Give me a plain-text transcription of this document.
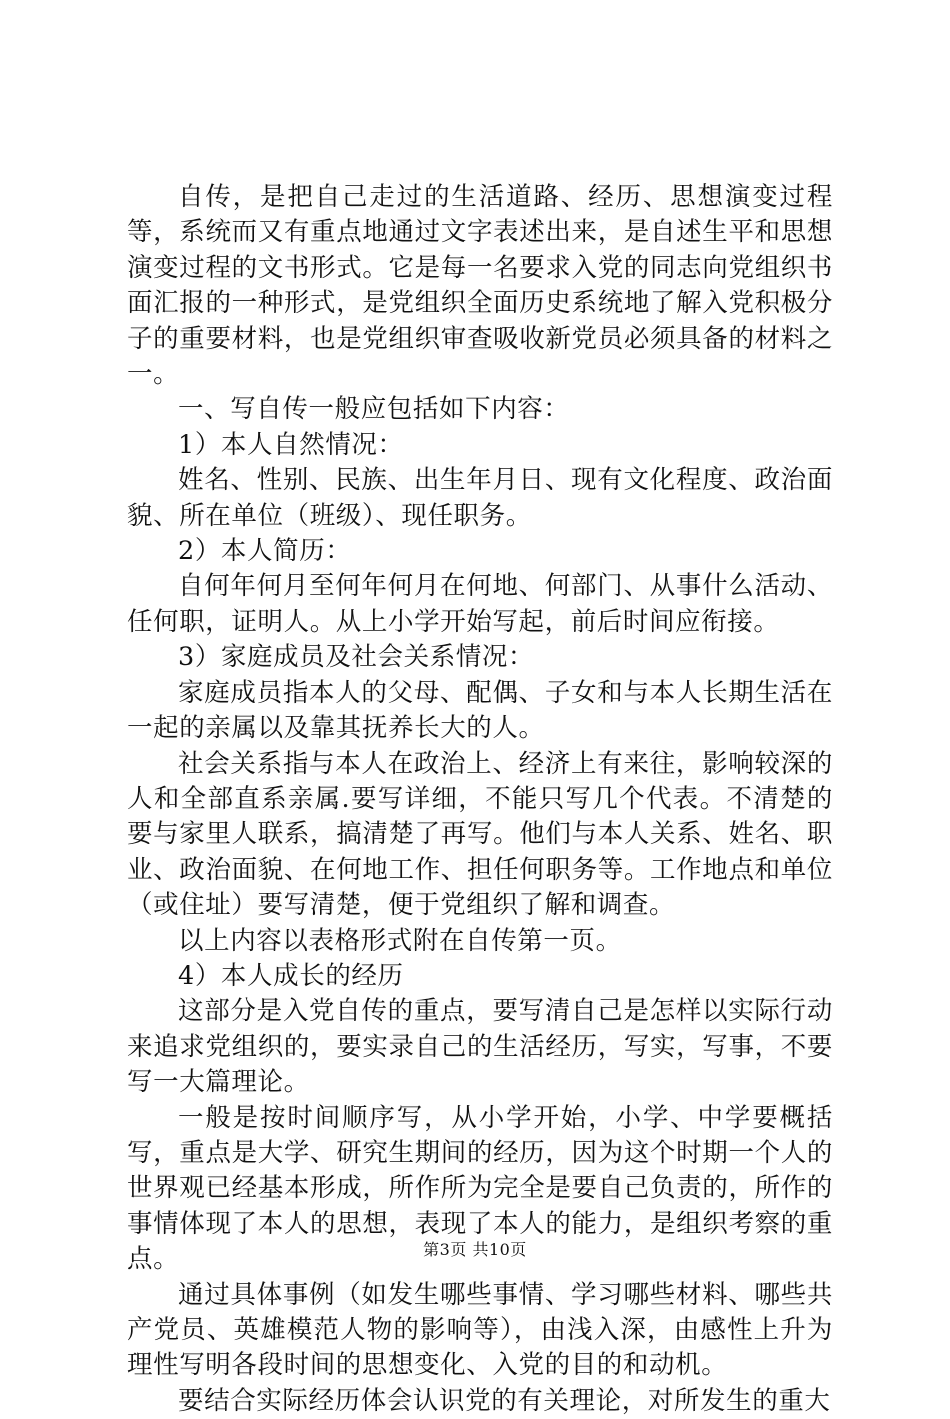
自传，是把自己走过的生活道路、经历、思想演变过程等，系统而又有重点地通过文字表述出来，是自述生平和思想演变过程的文书形式。它是每一名要求入党的同志向党组织书面汇报的一种形式，是党组织全面历史系统地了解入党积极分子的重要材料，也是党组织审查吸收新党员必须具备的材料之一。

一、写自传一般应包括如下内容：

1）本人自然情况：

姓名、性别、民族、出生年月日、现有文化程度、政治面貌、所在单位（班级）、现任职务。

2）本人简历：

自何年何月至何年何月在何地、何部门、从事什么活动、任何职，证明人。从上小学开始写起，前后时间应衔接。

3）家庭成员及社会关系情况：

家庭成员指本人的父母、配偶、子女和与本人长期生活在一起的亲属以及靠其抚养长大的人。

社会关系指与本人在政治上、经济上有来往，影响较深的人和全部直系亲属.要写详细，不能只写几个代表。不清楚的要与家里人联系，搞清楚了再写。他们与本人关系、姓名、职业、政治面貌、在何地工作、担任何职务等。工作地点和单位（或住址）要写清楚，便于党组织了解和调查。

以上内容以表格形式附在自传第一页。

4）本人成长的经历

这部分是入党自传的重点，要写清自己是怎样以实际行动来追求党组织的，要实录自己的生活经历，写实，写事，不要写一大篇理论。

一般是按时间顺序写，从小学开始，小学、中学要概括写，重点是大学、研究生期间的经历，因为这个时期一个人的世界观已经基本形成，所作所为完全是要自己负责的，所作的事情体现了本人的思想，表现了本人的能力，是组织考察的重点。

通过具体事例（如发生哪些事情、学习哪些材料、哪些共产党员、英雄模范人物的影响等），由浅入深，由感性上升为理性写明各段时间的思想变化、入党的目的和动机。

要结合实际经历体会认识党的有关理论，对所发生的重大

第3页 共10页
